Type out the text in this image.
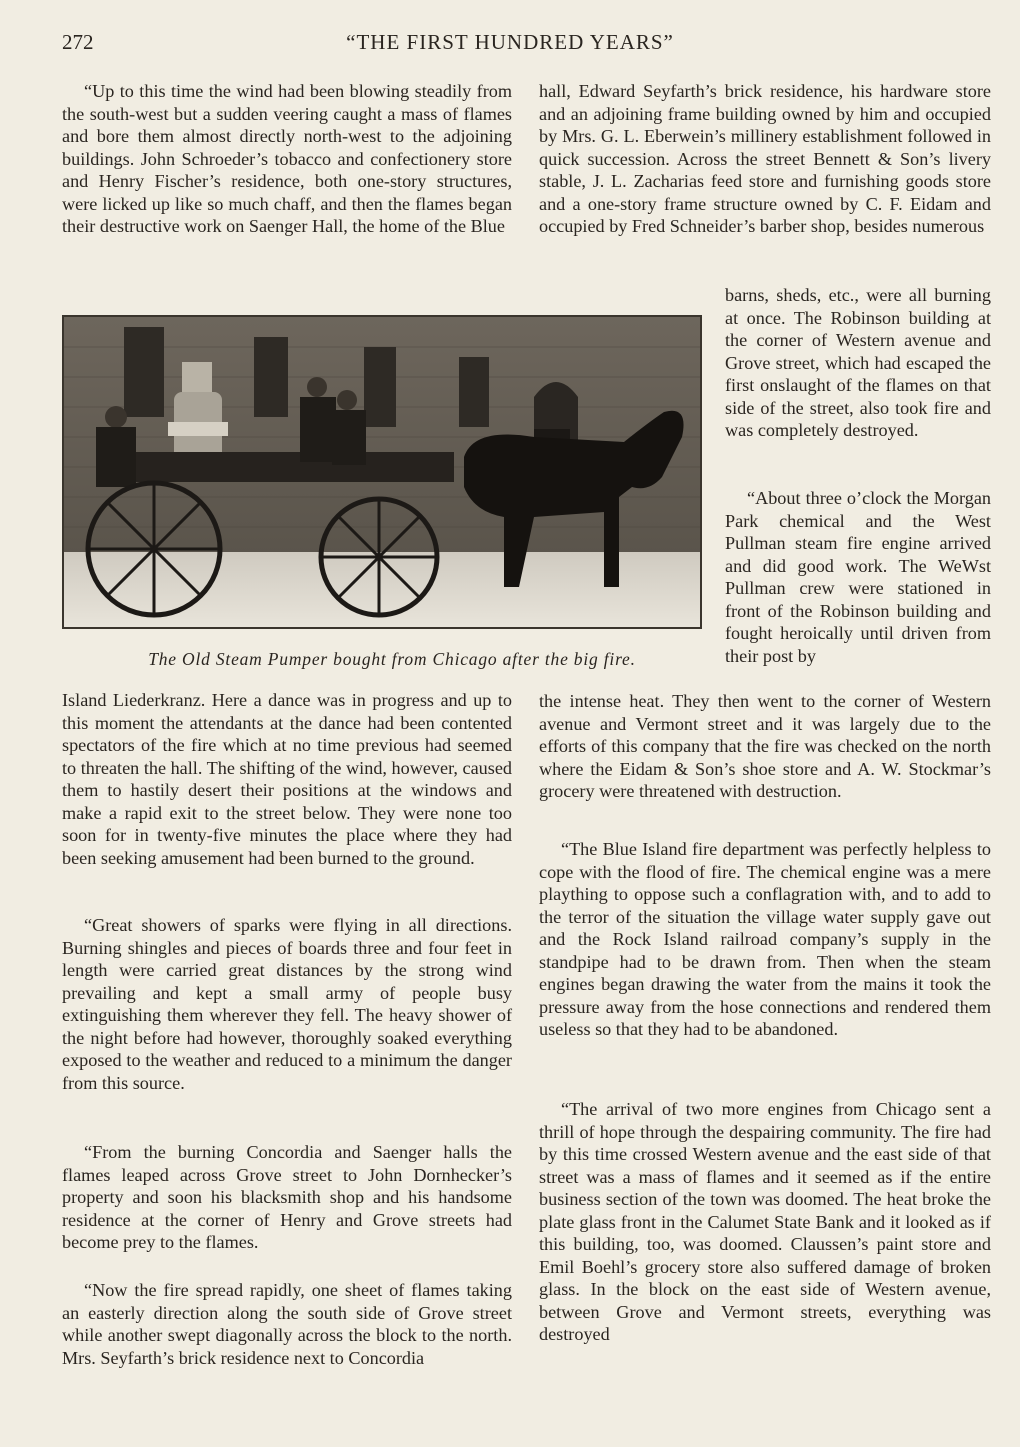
272	“THE FIRST HUNDRED YEARS”

“Up to this time the wind had been blowing steadily from the south-west but a sudden veering caught a mass of flames and bore them almost directly north-west to the adjoining buildings. John Schroeder’s tobacco and confectionery store and Henry Fischer’s residence, both one-story structures, were licked up like so much chaff, and then the flames began their destructive work on Saenger Hall, the home of the Blue

The Old Steam Pumper bought from Chicago after the big fire.

Island Liederkranz. Here a dance was in progress and up to this moment the attendants at the dance had been contented spectators of the fire which at no time previous had seemed to threaten the hall. The shifting of the wind, however, caused them to hastily desert their positions at the windows and make a rapid exit to the street below. They were none too soon for in twenty-five minutes the place where they had been seeking amusement had been burned to the ground.

“Great showers of sparks were flying in all directions. Burning shingles and pieces of boards three and four feet in length were carried great distances by the strong wind prevailing and kept a small army of people busy extinguishing them wherever they fell. The heavy shower of the night before had however, thoroughly soaked everything exposed to the weather and reduced to a minimum the danger from this source.

“From the burning Concordia and Saenger halls the flames leaped across Grove street to John Dornhecker’s property and soon his blacksmith shop and his handsome residence at the corner of Henry and Grove streets had become prey to the flames.

“Now the fire spread rapidly, one sheet of flames taking an easterly direction along the south side of Grove street while another swept diagonally across the block to the north. Mrs. Seyfarth’s brick residence next to Concordia

hall, Edward Seyfarth’s brick residence, his hardware store and an adjoining frame building owned by him and occupied by Mrs. G. L. Eberwein’s millinery establishment followed in quick succession. Across the street Bennett & Son’s livery stable, J. L. Zacharias feed store and furnishing goods store and a one-story frame structure owned by C. F. Eidam and occupied by Fred Schneider’s barber shop, besides numerous

barns, sheds, etc., were all burning at once. The Robinson building at the corner of Western avenue and Grove street, which had escaped the first onslaught of the flames on that side of the street, also took fire and was completely destroyed.

“About three o’clock the Morgan Park chemical and the West Pullman steam fire engine arrived and did good work. The WeWst Pullman crew were stationed in front of the Robinson building and fought heroically until driven from their post by

the intense heat. They then went to the corner of Western avenue and Vermont street and it was largely due to the efforts of this company that the fire was checked on the north where the Eidam & Son’s shoe store and A. W. Stockmar’s grocery were threatened with destruction.

“The Blue Island fire department was perfectly helpless to cope with the flood of fire. The chemical engine was a mere plaything to oppose such a conflagration with, and to add to the terror of the situation the village water supply gave out and the Rock Island railroad company’s supply in the standpipe had to be drawn from. Then when the steam engines began drawing the water from the mains it took the pressure away from the hose connections and rendered them useless so that they had to be abandoned.

“The arrival of two more engines from Chicago sent a thrill of hope through the despairing community. The fire had by this time crossed Western avenue and the east side of that street was a mass of flames and it seemed as if the entire business section of the town was doomed. The heat broke the plate glass front in the Calumet State Bank and it looked as if this building, too, was doomed. Claussen’s paint store and Emil Boehl’s grocery store also suffered damage of broken glass. In the block on the east side of Western avenue, between Grove and Vermont streets, everything was destroyed
